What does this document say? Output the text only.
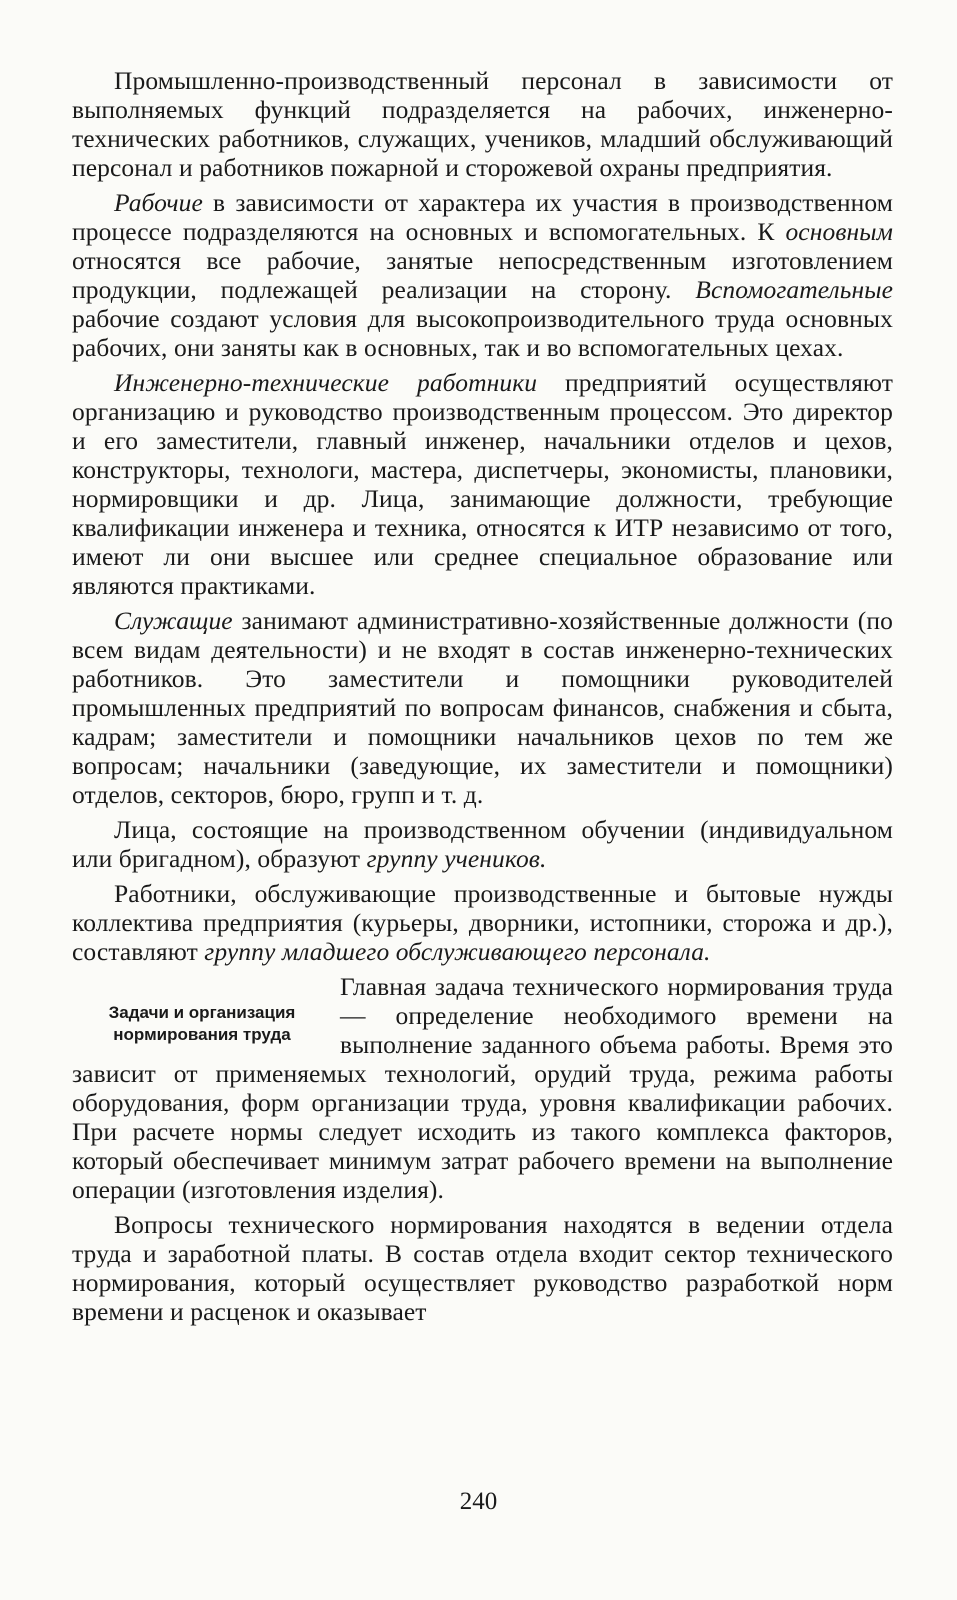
Промышленно-производственный персонал в зависимости от выполняемых функций подразделяется на рабочих, инженерно-технических работников, служащих, учеников, младший обслуживающий персонал и работников пожарной и сторожевой охраны предприятия.

Рабочие в зависимости от характера их участия в производственном процессе подразделяются на основных и вспомогательных. К основным относятся все рабочие, занятые непосредственным изготовлением продукции, подлежащей реализации на сторону. Вспомогательные рабочие создают условия для высокопроизводительного труда основных рабочих, они заняты как в основных, так и во вспомогательных цехах.

Инженерно-технические работники предприятий осуществляют организацию и руководство производственным процессом. Это директор и его заместители, главный инженер, начальники отделов и цехов, конструкторы, технологи, мастера, диспетчеры, экономисты, плановики, нормировщики и др. Лица, занимающие должности, требующие квалификации инженера и техника, относятся к ИТР независимо от того, имеют ли они высшее или среднее специальное образование или являются практиками.

Служащие занимают административно-хозяйственные должности (по всем видам деятельности) и не входят в состав инженерно-технических работников. Это заместители и помощники руководителей промышленных предприятий по вопросам финансов, снабжения и сбыта, кадрам; заместители и помощники начальников цехов по тем же вопросам; начальники (заведующие, их заместители и помощники) отделов, секторов, бюро, групп и т. д.

Лица, состоящие на производственном обучении (индивидуальном или бригадном), образуют группу учеников.

Работники, обслуживающие производственные и бытовые нужды коллектива предприятия (курьеры, дворники, истопники, сторожа и др.), составляют группу младшего обслуживающего персонала.

Задачи и организация
нормирования труда

Главная задача технического нормирования труда — определение необходимого времени на выполнение заданного объема работы. Время это зависит от применяемых технологий, орудий труда, режима работы оборудования, форм организации труда, уровня квалификации рабочих. При расчете нормы следует исходить из такого комплекса факторов, который обеспечивает минимум затрат рабочего времени на выполнение операции (изготовления изделия).

Вопросы технического нормирования находятся в ведении отдела труда и заработной платы. В состав отдела входит сектор технического нормирования, который осуществляет руководство разработкой норм времени и расценок и оказывает

240
